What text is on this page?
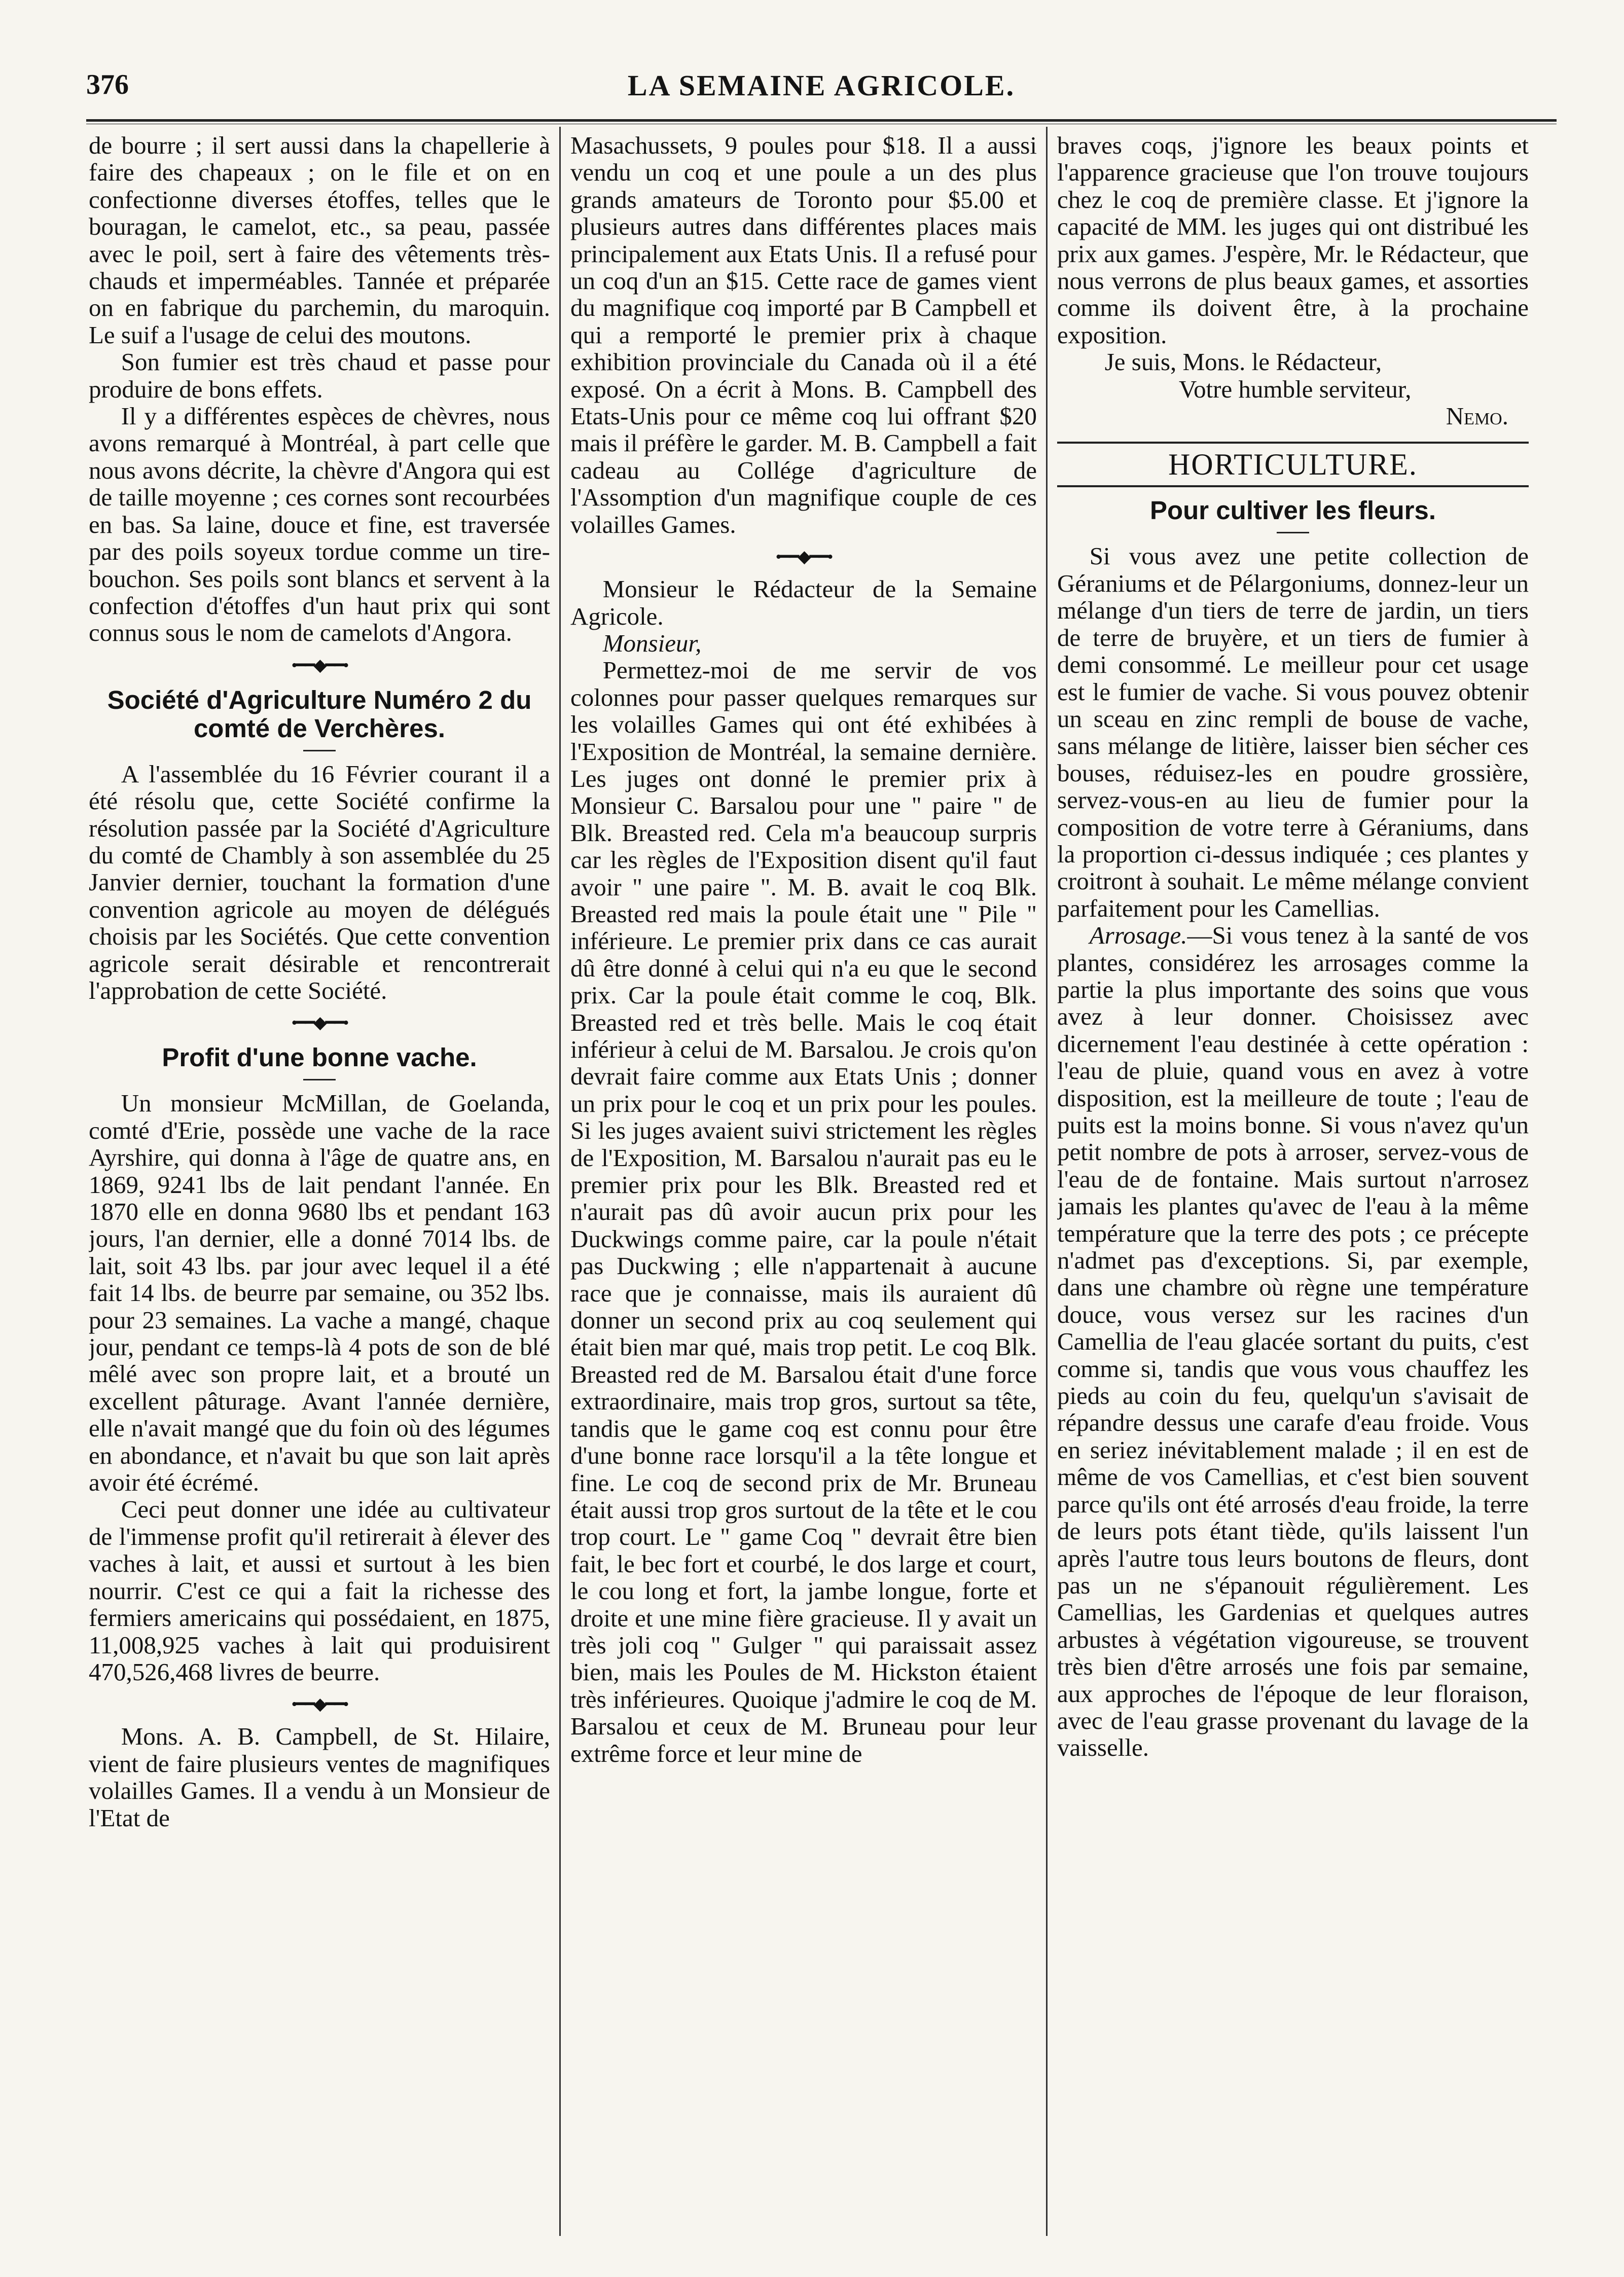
376	LA SEMAINE AGRICOLE.

de bourre ; il sert aussi dans la chapellerie à faire des chapeaux ; on le file et on en confectionne diverses étoffes, telles que le bouragan, le camelot, etc., sa peau, passée avec le poil, sert à faire des vêtements très-chauds et imperméables. Tannée et préparée on en fabrique du parchemin, du maroquin. Le suif a l'usage de celui des moutons.

Son fumier est très chaud et passe pour produire de bons effets.

Il y a différentes espèces de chèvres, nous avons remarqué à Montréal, à part celle que nous avons décrite, la chèvre d'Angora qui est de taille moyenne ; ces cornes sont recourbées en bas. Sa laine, douce et fine, est traversée par des poils soyeux tordue comme un tire-bouchon. Ses poils sont blancs et servent à la confection d'étoffes d'un haut prix qui sont connus sous le nom de camelots d'Angora.

•━━◆━━•
Société d'Agriculture Numéro 2 du comté de Verchères.

A l'assemblée du 16 Février courant il a été résolu que, cette Société confirme la résolution passée par la Société d'Agriculture du comté de Chambly à son assemblée du 25 Janvier dernier, touchant la formation d'une convention agricole au moyen de délégués choisis par les Sociétés. Que cette convention agricole serait désirable et rencontrerait l'approbation de cette Société.

•━━◆━━•
Profit d'une bonne vache.

Un monsieur McMillan, de Goelanda, comté d'Erie, possède une vache de la race Ayrshire, qui donna à l'âge de quatre ans, en 1869, 9241 lbs de lait pendant l'année. En 1870 elle en donna 9680 lbs et pendant 163 jours, l'an dernier, elle a donné 7014 lbs. de lait, soit 43 lbs. par jour avec lequel il a été fait 14 lbs. de beurre par semaine, ou 352 lbs. pour 23 semaines. La vache a mangé, chaque jour, pendant ce temps-là 4 pots de son de blé mêlé avec son propre lait, et a brouté un excellent pâturage. Avant l'année dernière, elle n'avait mangé que du foin où des légumes en abondance, et n'avait bu que son lait après avoir été écrémé.

Ceci peut donner une idée au cultivateur de l'immense profit qu'il retirerait à élever des vaches à lait, et aussi et surtout à les bien nourrir. C'est ce qui a fait la richesse des fermiers americains qui possédaient, en 1875, 11,008,925 vaches à lait qui produisirent 470,526,468 livres de beurre.

•━━◆━━•

Mons. A. B. Campbell, de St. Hilaire, vient de faire plusieurs ventes de magnifiques volailles Games. Il a vendu à un Monsieur de l'Etat de

Masachussets, 9 poules pour $18. Il a aussi vendu un coq et une poule a un des plus grands amateurs de Toronto pour $5.00 et plusieurs autres dans différentes places mais principalement aux Etats Unis. Il a refusé pour un coq d'un an $15. Cette race de games vient du magnifique coq importé par B Campbell et qui a remporté le premier prix à chaque exhibition provinciale du Canada où il a été exposé. On a écrit à Mons. B. Campbell des Etats-Unis pour ce même coq lui offrant $20 mais il préfère le garder. M. B. Campbell a fait cadeau au Collége d'agriculture de l'Assomption d'un magnifique couple de ces volailles Games.

•━━◆━━•

Monsieur le Rédacteur de la Semaine Agricole.

Monsieur,

Permettez-moi de me servir de vos colonnes pour passer quelques remarques sur les volailles Games qui ont été exhibées à l'Exposition de Montréal, la semaine dernière. Les juges ont donné le premier prix à Monsieur C. Barsalou pour une " paire " de Blk. Breasted red. Cela m'a beaucoup surpris car les règles de l'Exposition disent qu'il faut avoir " une paire ". M. B. avait le coq Blk. Breasted red mais la poule était une " Pile " inférieure. Le premier prix dans ce cas aurait dû être donné à celui qui n'a eu que le second prix. Car la poule était comme le coq, Blk. Breasted red et très belle. Mais le coq était inférieur à celui de M. Barsalou. Je crois qu'on devrait faire comme aux Etats Unis ; donner un prix pour le coq et un prix pour les poules. Si les juges avaient suivi strictement les règles de l'Exposition, M. Barsalou n'aurait pas eu le premier prix pour les Blk. Breasted red et n'aurait pas dû avoir aucun prix pour les Duckwings comme paire, car la poule n'était pas Duckwing ; elle n'appartenait à aucune race que je connaisse, mais ils auraient dû donner un second prix au coq seulement qui était bien mar qué, mais trop petit. Le coq Blk. Breasted red de M. Barsalou était d'une force extraordinaire, mais trop gros, surtout sa tête, tandis que le game coq est connu pour être d'une bonne race lorsqu'il a la tête longue et fine. Le coq de second prix de Mr. Bruneau était aussi trop gros surtout de la tête et le cou trop court. Le " game Coq " devrait être bien fait, le bec fort et courbé, le dos large et court, le cou long et fort, la jambe longue, forte et droite et une mine fière gracieuse. Il y avait un très joli coq " Gulger " qui paraissait assez bien, mais les Poules de M. Hickston étaient très inférieures. Quoique j'admire le coq de M. Barsalou et ceux de M. Bruneau pour leur extrême force et leur mine de

braves coqs, j'ignore les beaux points et l'apparence gracieuse que l'on trouve toujours chez le coq de première classe. Et j'ignore la capacité de MM. les juges qui ont distribué les prix aux games. J'espère, Mr. le Rédacteur, que nous verrons de plus beaux games, et assorties comme ils doivent être, à la prochaine exposition.

Je suis, Mons. le Rédacteur,

Votre humble serviteur,

Nemo.

HORTICULTURE.
Pour cultiver les fleurs.

Si vous avez une petite collection de Géraniums et de Pélargoniums, donnez-leur un mélange d'un tiers de terre de jardin, un tiers de terre de bruyère, et un tiers de fumier à demi consommé. Le meilleur pour cet usage est le fumier de vache. Si vous pouvez obtenir un sceau en zinc rempli de bouse de vache, sans mélange de litière, laisser bien sécher ces bouses, réduisez-les en poudre grossière, servez-vous-en au lieu de fumier pour la composition de votre terre à Géraniums, dans la proportion ci-dessus indiquée ; ces plantes y croitront à souhait. Le même mélange convient parfaitement pour les Camellias.

Arrosage.—Si vous tenez à la santé de vos plantes, considérez les arrosages comme la partie la plus importante des soins que vous avez à leur donner. Choisissez avec dicernement l'eau destinée à cette opération : l'eau de pluie, quand vous en avez à votre disposition, est la meilleure de toute ; l'eau de puits est la moins bonne. Si vous n'avez qu'un petit nombre de pots à arroser, servez-vous de l'eau de de fontaine. Mais surtout n'arrosez jamais les plantes qu'avec de l'eau à la même température que la terre des pots ; ce précepte n'admet pas d'exceptions. Si, par exemple, dans une chambre où règne une température douce, vous versez sur les racines d'un Camellia de l'eau glacée sortant du puits, c'est comme si, tandis que vous vous chauffez les pieds au coin du feu, quelqu'un s'avisait de répandre dessus une carafe d'eau froide. Vous en seriez inévitablement malade ; il en est de même de vos Camellias, et c'est bien souvent parce qu'ils ont été arrosés d'eau froide, la terre de leurs pots étant tiède, qu'ils laissent l'un après l'autre tous leurs boutons de fleurs, dont pas un ne s'épanouit régulièrement. Les Camellias, les Gardenias et quelques autres arbustes à végétation vigoureuse, se trouvent très bien d'être arrosés une fois par semaine, aux approches de l'époque de leur floraison, avec de l'eau grasse provenant du lavage de la vaisselle.
